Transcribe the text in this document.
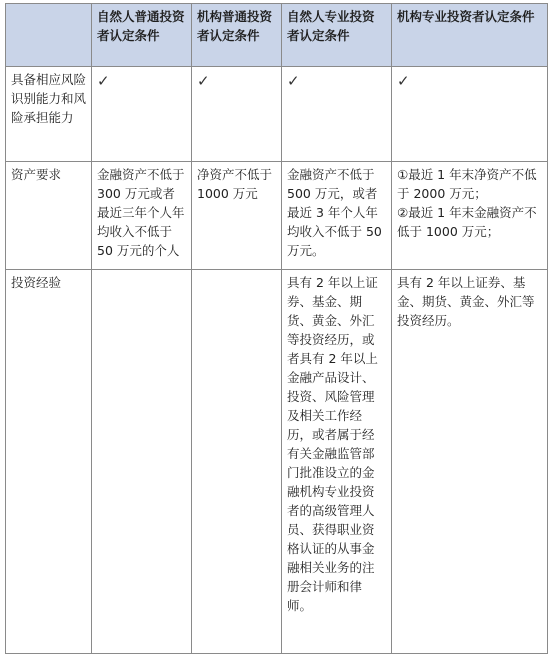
	自然人普通投资者认定条件	机构普通投资者认定条件	自然人专业投资者认定条件	机构专业投资者认定条件
具备相应风险识别能力和风险承担能力	✓	✓	✓	✓
资产要求	金融资产不低于 300 万元或者最近三年个人年均收入不低于 50 万元的个人	净资产不低于 1000 万元	金融资产不低于 500 万元，或者最近 3 年个人年均收入不低于 50 万元。	①最近 1 年末净资产不低于 2000 万元；
②最近 1 年末金融资产不低于 1000 万元；

投资经验			具有 2 年以上证券、基金、期货、黄金、外汇等投资经历，或者具有 2 年以上金融产品设计、投资、风险管理及相关工作经历，或者属于经有关金融监管部门批准设立的金融机构专业投资者的高级管理人员、获得职业资格认证的从事金融相关业务的注册会计师和律师。	具有 2 年以上证券、基金、期货、黄金、外汇等投资经历。
